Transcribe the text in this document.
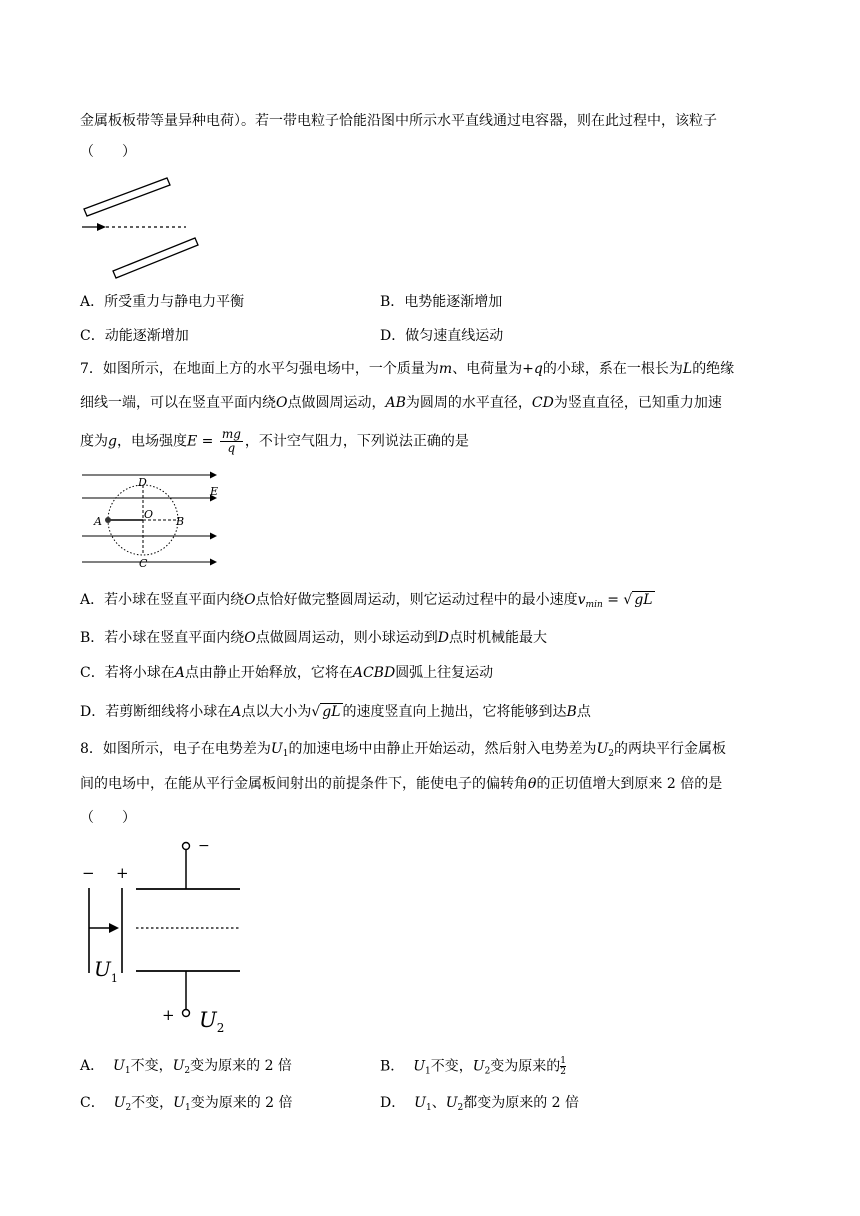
金属板板带等量异种电荷）。若一带电粒子恰能沿图中所示水平直线通过电容器，则在此过程中，该粒子
（　　）
A．所受重力与静电力平衡	B．电势能逐渐增加
C．动能逐渐增加	D．做匀速直线运动
7．如图所示，在地面上方的水平匀强电场中，一个质量为m、电荷量为+q的小球，系在一根长为L的绝缘
细线一端，可以在竖直平面内绕O点做圆周运动，AB为圆周的水平直径，CD为竖直直径，已知重力加速
度为g，电场强度$E = \frac{mg}{q}$ ，不计空气阻力，下列说法正确的是
D
E
A
O
B
C
A．若小球在竖直平面内绕O点恰好做完整圆周运动，则它运动过程中的最小速度$v_{min}$ = √ gL
B．若小球在竖直平面内绕O点做圆周运动，则小球运动到D点时机械能最大
C．若将小球在A点由静止开始释放，它将在ACBD圆弧上往复运动
D．若剪断细线将小球在A点以大小为√ gL 的速度竖直向上抛出，它将能够到达B点
8．如图所示，电子在电势差为$U_1$的加速电场中由静止开始运动，然后射入电势差为$U_2$的两块平行金属板
间的电场中，在能从平行金属板间射出的前提条件下，能使电子的偏转角θ的正切值增大到原来 2 倍的是
（　　）
−
+ $U_2$
− +
$U_1$
A． $U_1$不变，$U_2$变为原来的 2 倍	B． $U_1$不变，$U_2$变为原来的 $\frac{1}{2}$
C． $U_2$不变，$U_1$变为原来的 2 倍	D． $U_1$、$U_2$都变为原来的 2 倍
